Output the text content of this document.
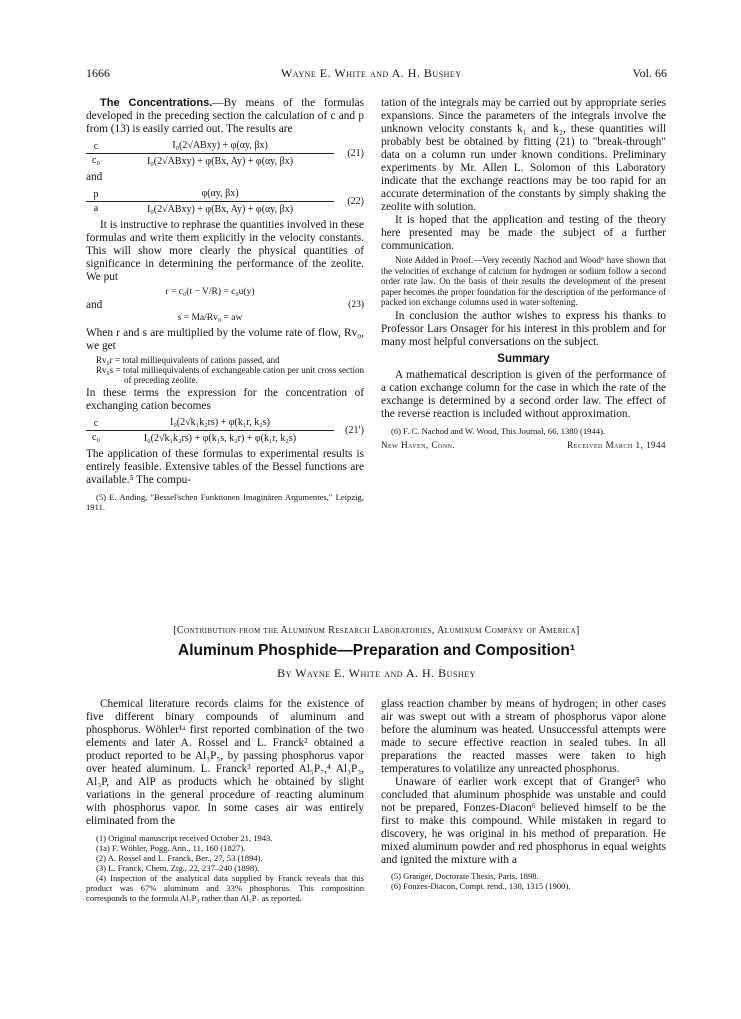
1666	Wayne E. White and A. H. Bushey	Vol. 66

The Concentrations.—By means of the formulas developed in the preceding section the calculation of c and p from (13) is easily carried out. The results are

$\frac{c}{\text{c₀}} \frac{\text{I₀(2√ABxy) + φ(αy, βx)}}{\text{I₀(2√ABxy) + φ(Bx, Ay) + φ(αy, βx)}}$	(21)

and

$\frac{p}{a} \frac{\varphi(\alpha y, \beta x)}{\text{I₀(2√ABxy) + φ(Bx, Ay) + φ(αy, βx)}}$	(22)

It is instructive to rephrase the quantities involved in these formulas and write them explicitly in the velocity constants. This will show more clearly the physical quantities of significance in determining the performance of the zeolite. We put

r = c₀(t − V/R) = c₀u(y)
and
s = Ma/Rv₀ = aw
(23)

When r and s are multiplied by the volume rate of flow, Rv₀, we get

Rv₀r = total milliequivalents of cations passed, and
Rv₀s = total milliequivalents of exchangeable cation per unit cross section of preceding zeolite.

In these terms the expression for the concentration of exchanging cation becomes

$\frac{c}{\text{c₀}} \frac{\text{I₀(2√k₁k₂rs) + φ(k₁r, k₂s)}}{\text{I₀(2√k₁k₂rs) + φ(k₁s, k₂r) + φ(k₁r, k₂s)}}$	(21′)

The application of these formulas to experimental results is entirely feasible. Extensive tables of the Bessel functions are available.⁵ The compu-

(5) E. Anding, "Bessel'schen Funktionen Imaginären Argumentes," Leipzig, 1911.

tation of the integrals may be carried out by appropriate series expansions. Since the parameters of the integrals involve the unknown velocity constants k₁ and k₂, these quantities will probably best be obtained by fitting (21) to "break-through" data on a column run under known conditions. Preliminary experiments by Mr. Allen L. Solomon of this Laboratory indicate that the exchange reactions may be too rapid for an accurate determination of the constants by simply shaking the zeolite with solution.

It is hoped that the application and testing of the theory here presented may be made the subject of a further communication.

Note Added in Proof.—Very recently Nachod and Wood⁶ have shown that the velocities of exchange of calcium for hydrogen or sodium follow a second order rate law. On the basis of their results the development of the present paper becomes the proper foundation for the description of the performance of packed ion exchange columns used in water softening.

In conclusion the author wishes to express his thanks to Professor Lars Onsager for his interest in this problem and for many most helpful conversations on the subject.

Summary

A mathematical description is given of the performance of a cation exchange column for the case in which the rate of the exchange is determined by a second order law. The effect of the reverse reaction is included without approximation.

(6) F. C. Nachod and W. Wood, This Journal, 66, 1380 (1944).

New Haven, Conn.	Received March 1, 1944
[Contribution from the Aluminum Research Laboratories, Aluminum Company of America]
Aluminum Phosphide—Preparation and Composition¹
By Wayne E. White and A. H. Bushey

Chemical literature records claims for the existence of five different binary compounds of aluminum and phosphorus. Wöhler¹ᵃ first reported combination of the two elements and later A. Rossel and L. Franck² obtained a product reported to be Al₃P₅, by passing phosphorus vapor over heated aluminum. L. Franck³ reported Al₅P₇,⁴ Al₃P₃, Al₃P, and AlP as products which he obtained by slight variations in the general procedure of reacting aluminum with phosphorus vapor. In some cases air was entirely eliminated from the

(1) Original manuscript received October 21, 1943.

(1a) F. Wöhler, Pogg. Ann., 11, 160 (1827).

(2) A. Rossel and L. Franck, Ber., 27, 53 (1894).

(3) L. Franck, Chem. Ztg., 22, 237–240 (1898).

(4) Inspection of the analytical data supplied by Franck reveals that this product was 67% aluminum and 33% phosphorus. This composition corresponds to the formula Al₇P₃ rather than Al₅P₇ as reported.

glass reaction chamber by means of hydrogen; in other cases air was swept out with a stream of phosphorus vapor alone before the aluminum was heated. Unsuccessful attempts were made to secure effective reaction in sealed tubes. In all preparations the reacted masses were taken to high temperatures to volatilize any unreacted phosphorus.

Unaware of earlier work except that of Granger⁵ who concluded that aluminum phosphide was unstable and could not be prepared, Fonzes-Diacon⁶ believed himself to be the first to make this compound. While mistaken in regard to discovery, he was original in his method of preparation. He mixed aluminum powder and red phosphorus in equal weights and ignited the mixture with a

(5) Granger, Doctorate Thesis, Paris, 1898.

(6) Fonzes-Diacon, Compt. rend., 130, 1315 (1900).
